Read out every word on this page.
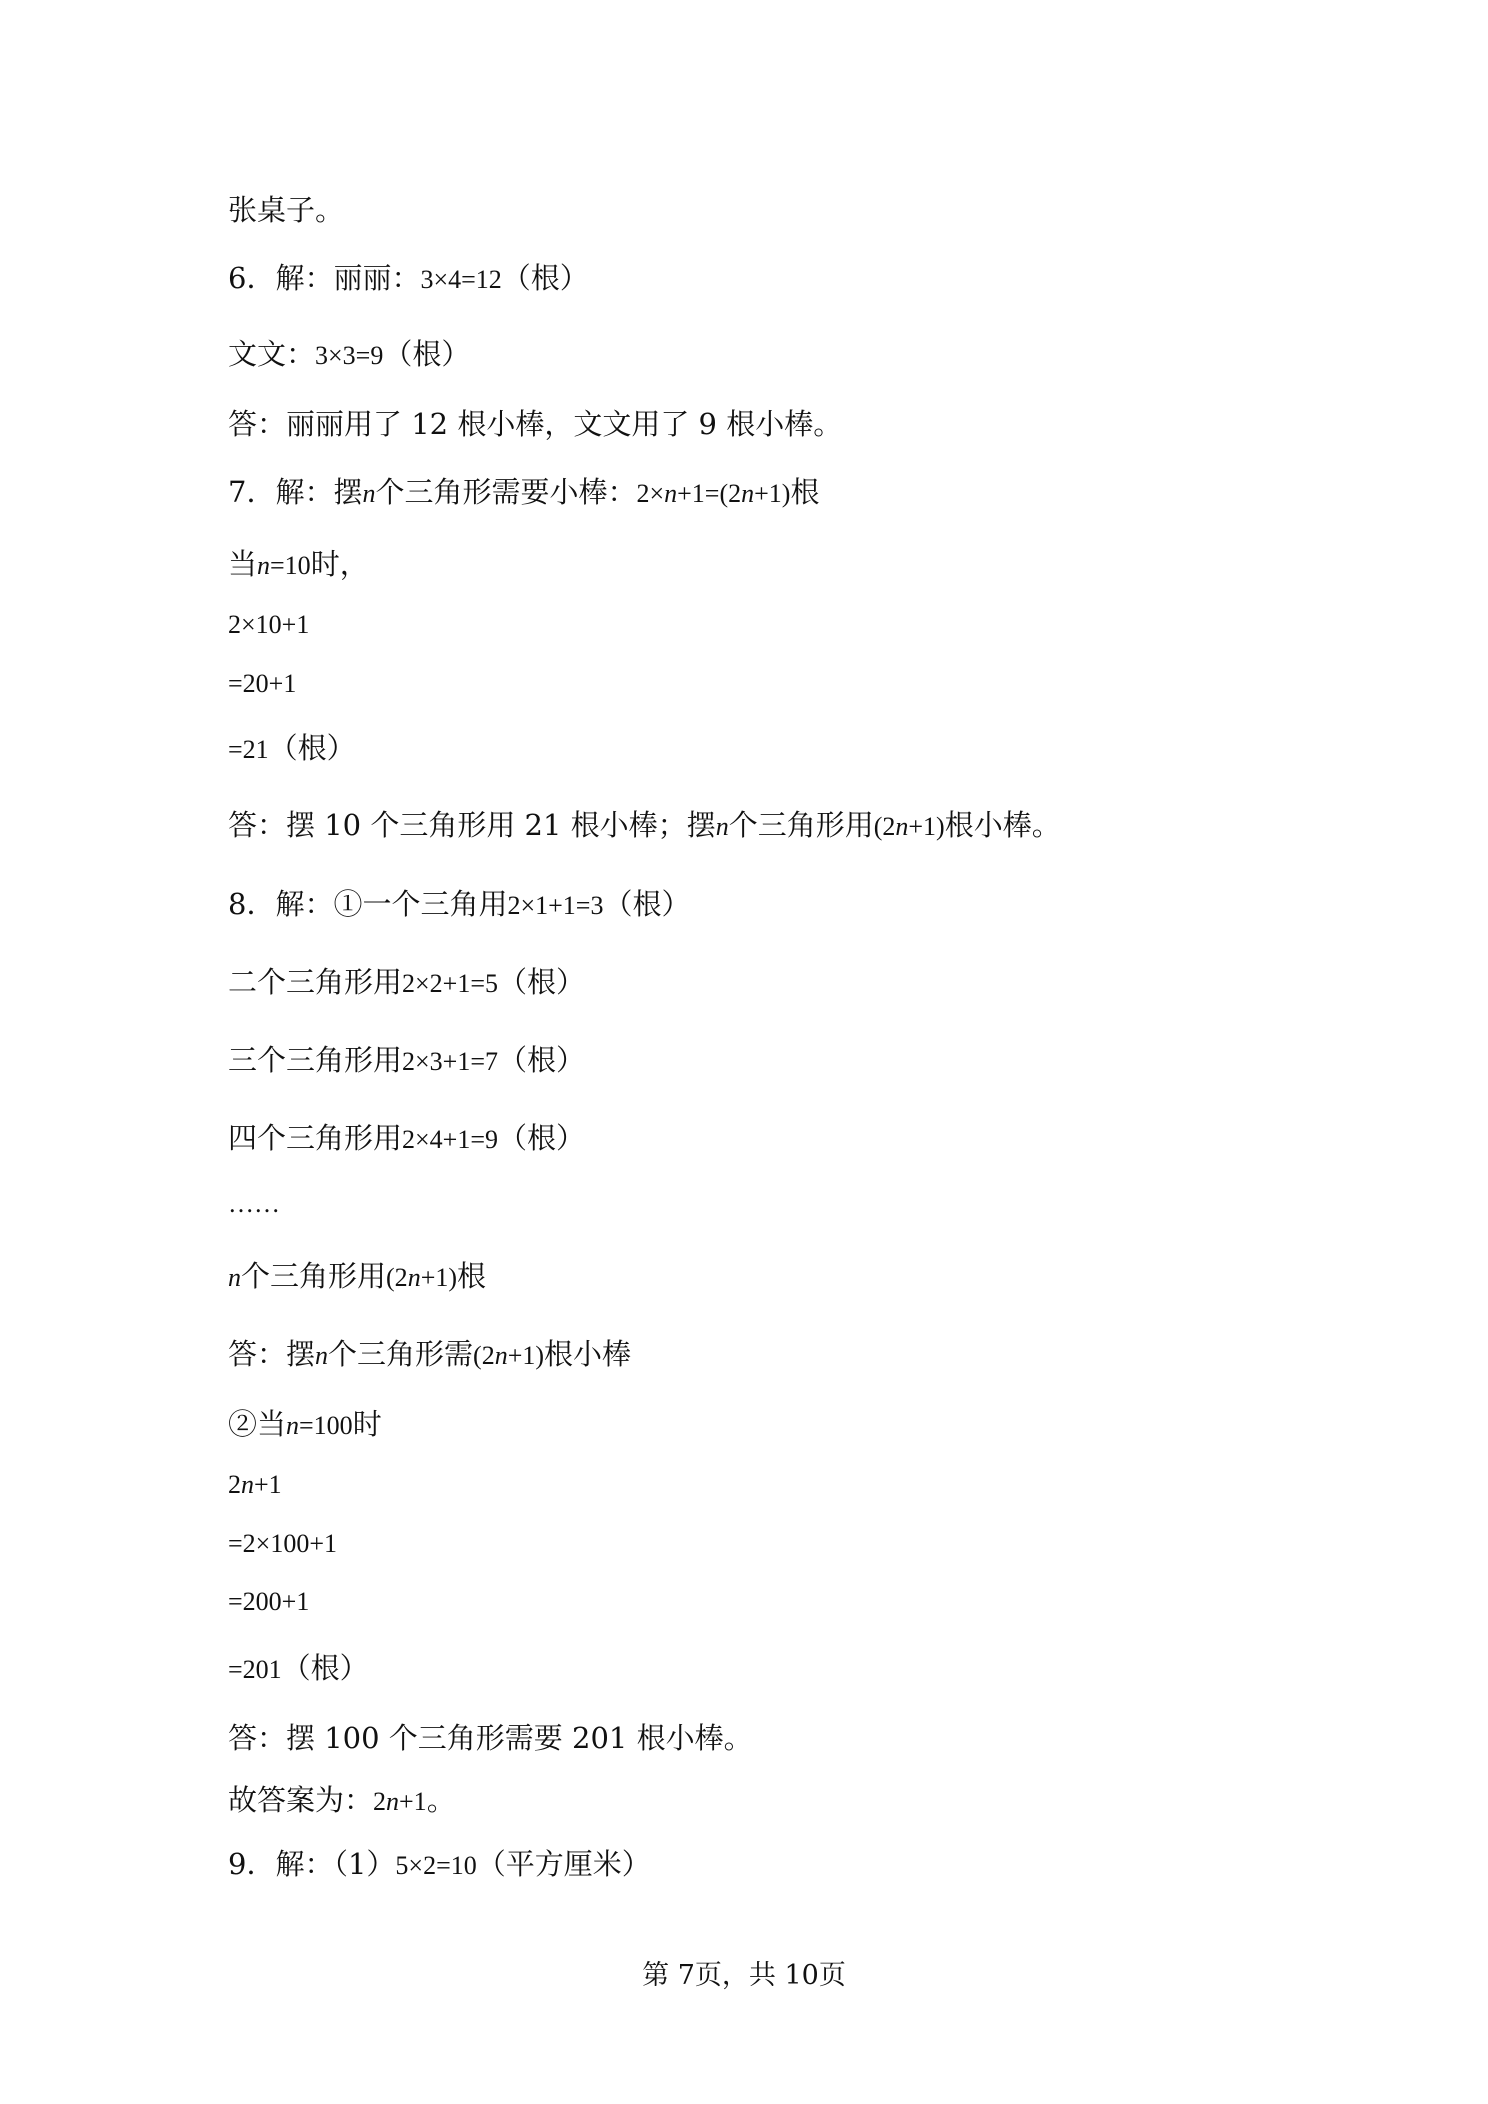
张桌子。

6．解：丽丽：3×4=12（根）

文文：3×3=9（根）

答：丽丽用了 12 根小棒，文文用了 9 根小棒。

7．解：摆n个三角形需要小棒：2×n+1=(2n+1)根

当n=10时，

2×10+1

=20+1

=21（根）

答：摆 10 个三角形用 21 根小棒；摆n个三角形用(2n+1)根小棒。

8．解：①一个三角用2×1+1=3（根）

二个三角形用2×2+1=5（根）

三个三角形用2×3+1=7（根）

四个三角形用2×4+1=9（根）

……

n个三角形用(2n+1)根

答：摆n个三角形需(2n+1)根小棒

②当n=100时

2n+1

=2×100+1

=200+1

=201（根）

答：摆 100 个三角形需要 201 根小棒。

故答案为：2n+1。

9．解：（1）5×2=10（平方厘米）

第 7页，共 10页
